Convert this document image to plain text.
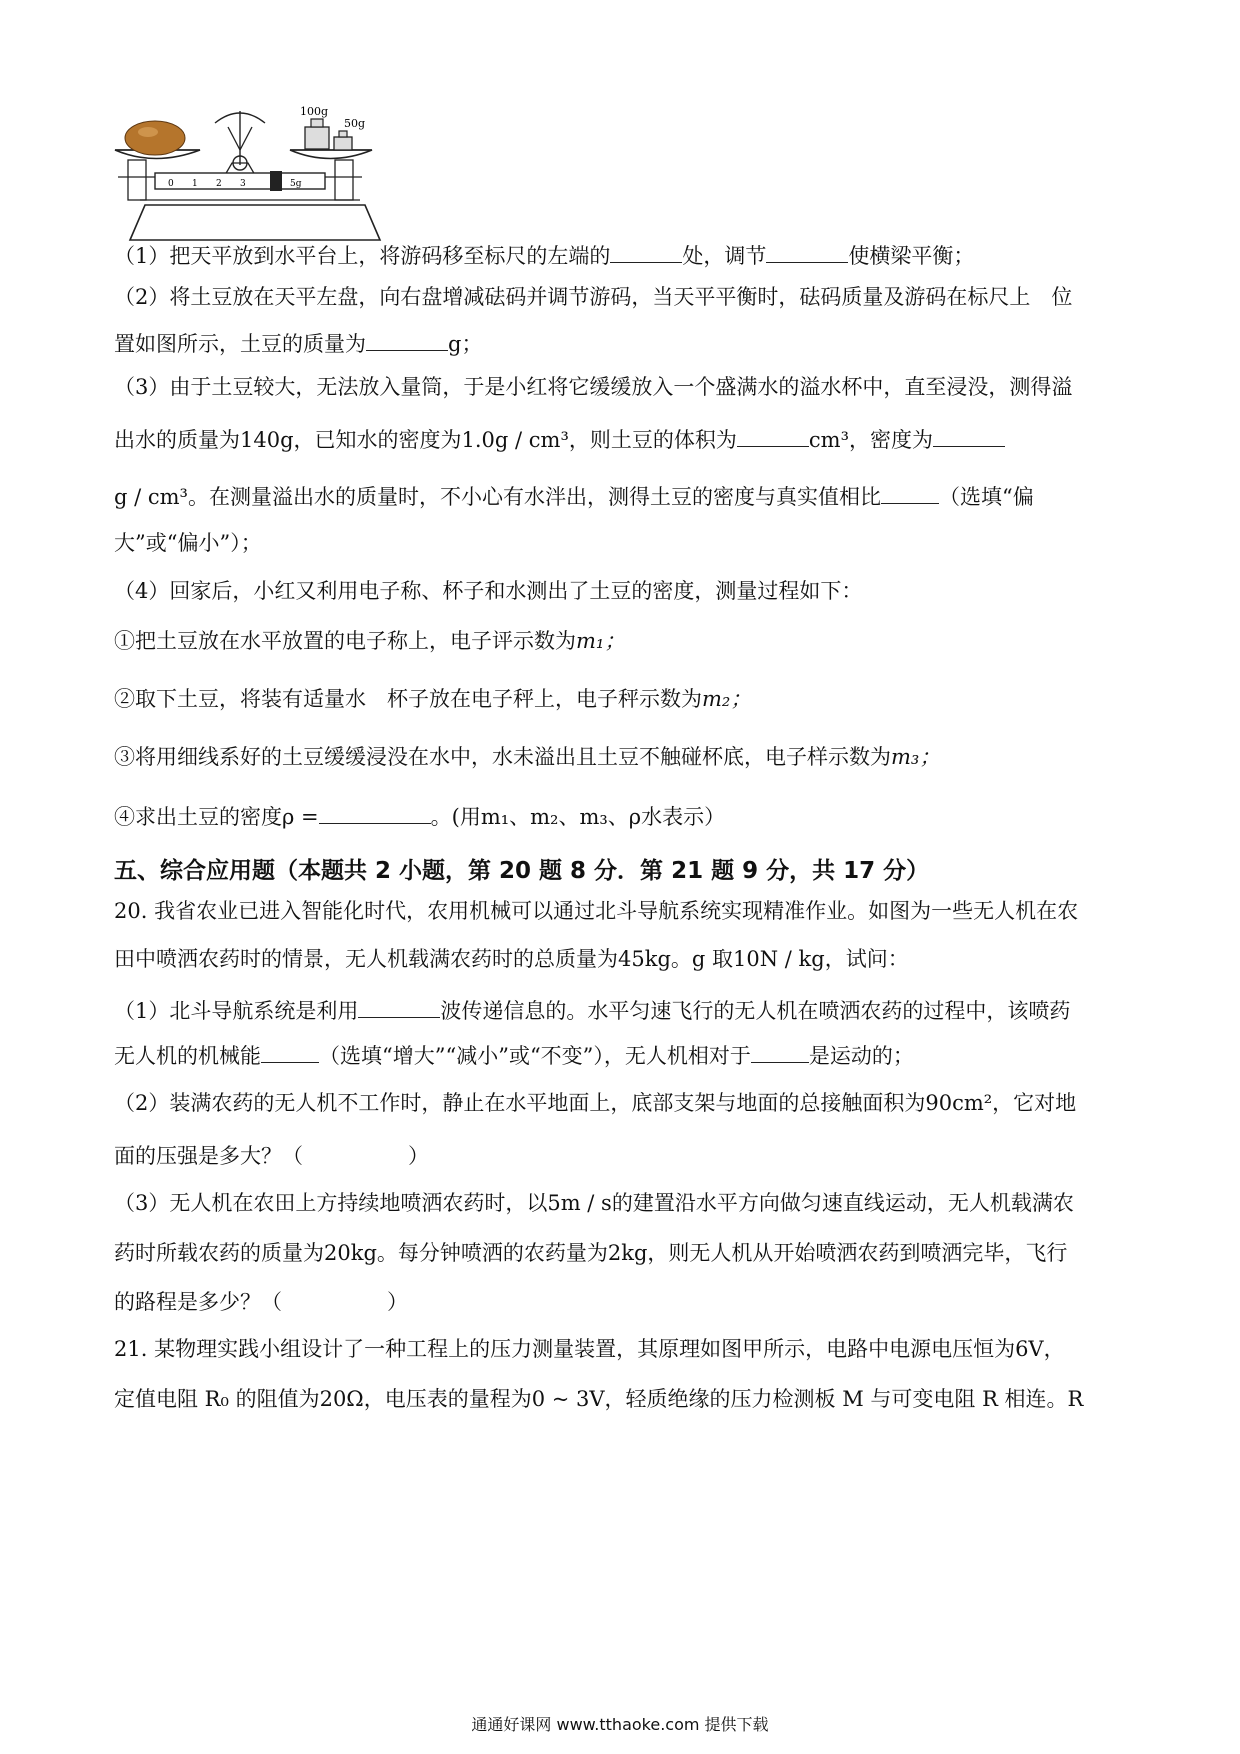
100g
50g
0 1 2 3	5g
（1）把天平放到水平台上，将游码移至标尺的左端的	处，调节	使横梁平衡；
（2）将土豆放在天平左盘，向右盘增减砝码并调节游码，当天平平衡时，砝码质量及游码在标尺上　位
置如图所示，土豆的质量为	g；
（3）由于土豆较大，无法放入量筒，于是小红将它缓缓放入一个盛满水的溢水杯中，直至浸没，测得溢
出水的质量为140g，已知水的密度为1.0g / cm³，则土豆的体积为	cm³，密度为
g / cm³。在测量溢出水的质量时，不小心有水泮出，测得土豆的密度与真实值相比	（选填“偏
大”或“偏小”）；
（4）回家后，小红又利用电子称、杯子和水测出了土豆的密度，测量过程如下：
①把土豆放在水平放置的电子称上，电子评示数为m₁；
②取下土豆，将装有适量水　杯子放在电子秤上，电子秤示数为m₂；
③将用细线系好的土豆缓缓浸没在水中，水未溢出且土豆不触碰杯底，电子样示数为m₃；
④求出土豆的密度ρ =	。(用m₁、m₂、m₃、ρ水表示）
五、综合应用题（本题共 2 小题，第 20 题 8 分．第 21 题 9 分，共 17 分）
20. 我省农业已进入智能化时代，农用机械可以通过北斗导航系统实现精准作业。如图为一些无人机在农
田中喷洒农药时的情景，无人机载满农药时的总质量为45kg。g 取10N / kg，试问：
（1）北斗导航系统是利用	波传递信息的。水平匀速飞行的无人机在喷洒农药的过程中，该喷药
无人机的机械能	（选填“增大”“减小”或“不变”），无人机相对于	是运动的；
（2）装满农药的无人机不工作时，静止在水平地面上，底部支架与地面的总接触面积为90cm²，它对地
面的压强是多大？（　　　　　）
（3）无人机在农田上方持续地喷洒农药时，以5m / s的建置沿水平方向做匀速直线运动，无人机载满农
药时所载农药的质量为20kg。每分钟喷洒的农药量为2kg，则无人机从开始喷洒农药到喷洒完毕，飞行
的路程是多少？（　　　　　）
21. 某物理实践小组设计了一种工程上的压力测量装置，其原理如图甲所示，电路中电源电压恒为6V，
定值电阻 R₀ 的阻值为20Ω，电压表的量程为0 ~ 3V，轻质绝缘的压力检测板 M 与可变电阻 R 相连。R
通通好课网 www.tthaoke.com 提供下载
